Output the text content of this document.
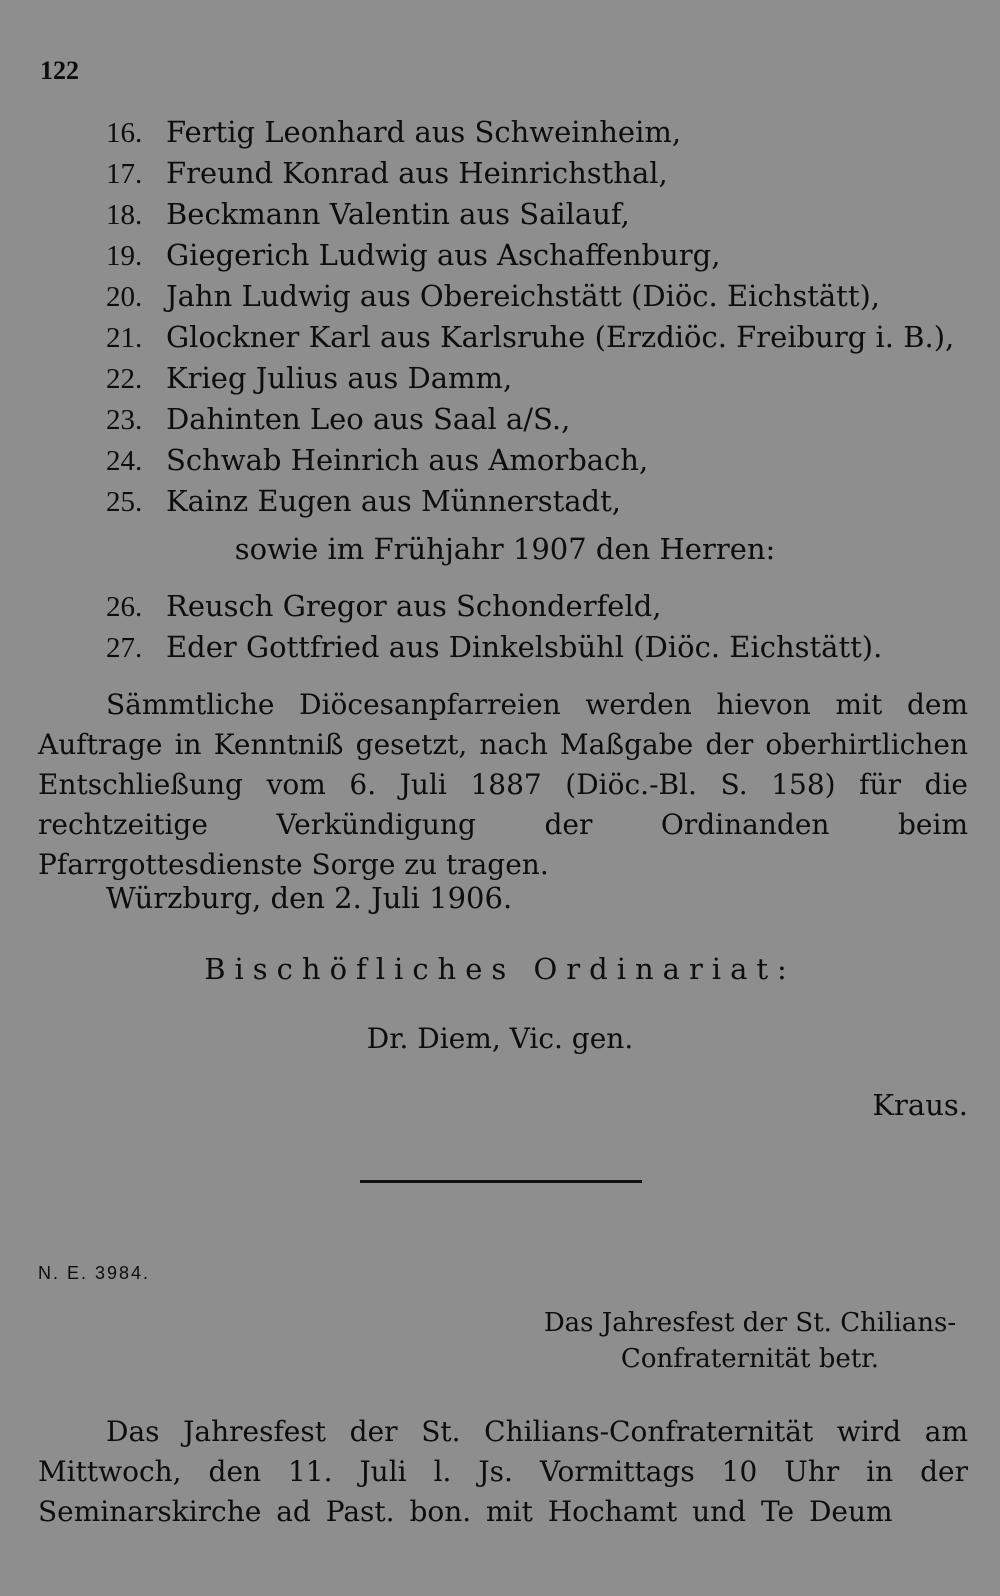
122
16. Fertig Leonhard aus Schweinheim,
17. Freund Konrad aus Heinrichsthal,
18. Beckmann Valentin aus Sailauf,
19. Giegerich Ludwig aus Aschaffenburg,
20. Jahn Ludwig aus Obereichstätt (Diöc. Eichstätt),
21. Glockner Karl aus Karlsruhe (Erzdiöc. Freiburg i. B.),
22. Krieg Julius aus Damm,
23. Dahinten Leo aus Saal a/S.,
24. Schwab Heinrich aus Amorbach,
25. Kainz Eugen aus Münnerstadt,
sowie im Frühjahr 1907 den Herren:
26. Reusch Gregor aus Schonderfeld,
27. Eder Gottfried aus Dinkelsbühl (Diöc. Eichstätt).

Sämmtliche Diöcesanpfarreien werden hievon mit dem Auftrage in Kenntniß gesetzt, nach Maßgabe der oberhirtlichen Entschließung vom 6. Juli 1887 (Diöc.-Bl. S. 158) für die rechtzeitige Verkündigung der Ordinanden beim Pfarrgottesdienste Sorge zu tragen.

Würzburg, den 2. Juli 1906.
Bischöfliches Ordinariat:
Dr. Diem, Vic. gen.
Kraus.
N. E. 3984.
Das Jahresfest der St. Chilians-
Confraternität betr.

Das Jahresfest der St. Chilians-Confraternität wird am Mittwoch, den 11. Juli l. Js. Vormittags 10 Uhr in der Seminarskirche ad Past. bon. mit Hochamt und Te Deum
